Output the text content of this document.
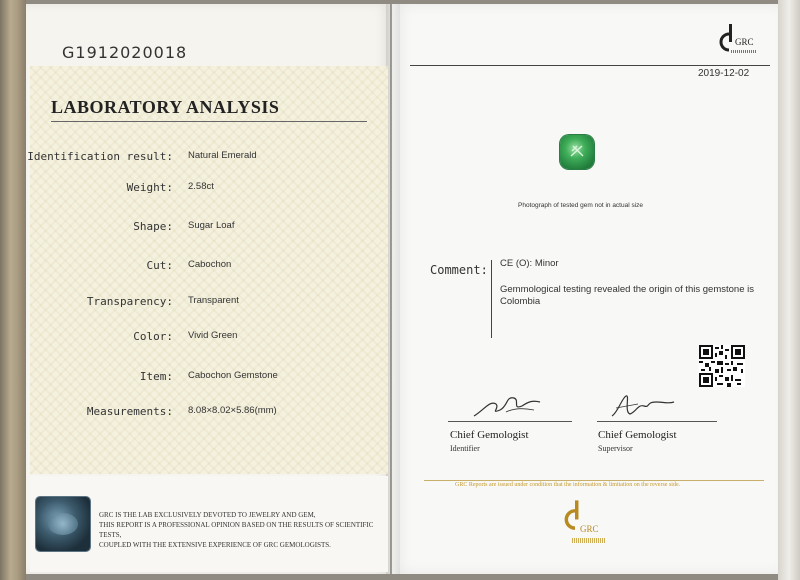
G1912020018
LABORATORY ANALYSIS
Identification result: Natural Emerald
Weight: 2.58ct
Shape: Sugar Loaf
Cut: Cabochon
Transparency: Transparent
Color: Vivid Green
Item: Cabochon Gemstone
Measurements: 8.08×8.02×5.86(mm)
GRC IS THE LAB EXCLUSIVELY DEVOTED TO JEWELRY AND GEM,
THIS REPORT IS A PROFESSIONAL OPINION BASED ON THE RESULTS OF SCIENTIFIC TESTS,
COUPLED WITH THE EXTENSIVE EXPERIENCE OF GRC GEMOLOGISTS.
GRC
2019-12-02
Photograph of tested gem not in actual size
Comment: CE (O): Minor
Gemmological testing revealed the origin of this gemstone is Colombia
Chief Gemologist
Identifier
Chief Gemologist
Supervisor
GRC Reports are issued under condition that the information & limitation on the reverse side.
GRC
